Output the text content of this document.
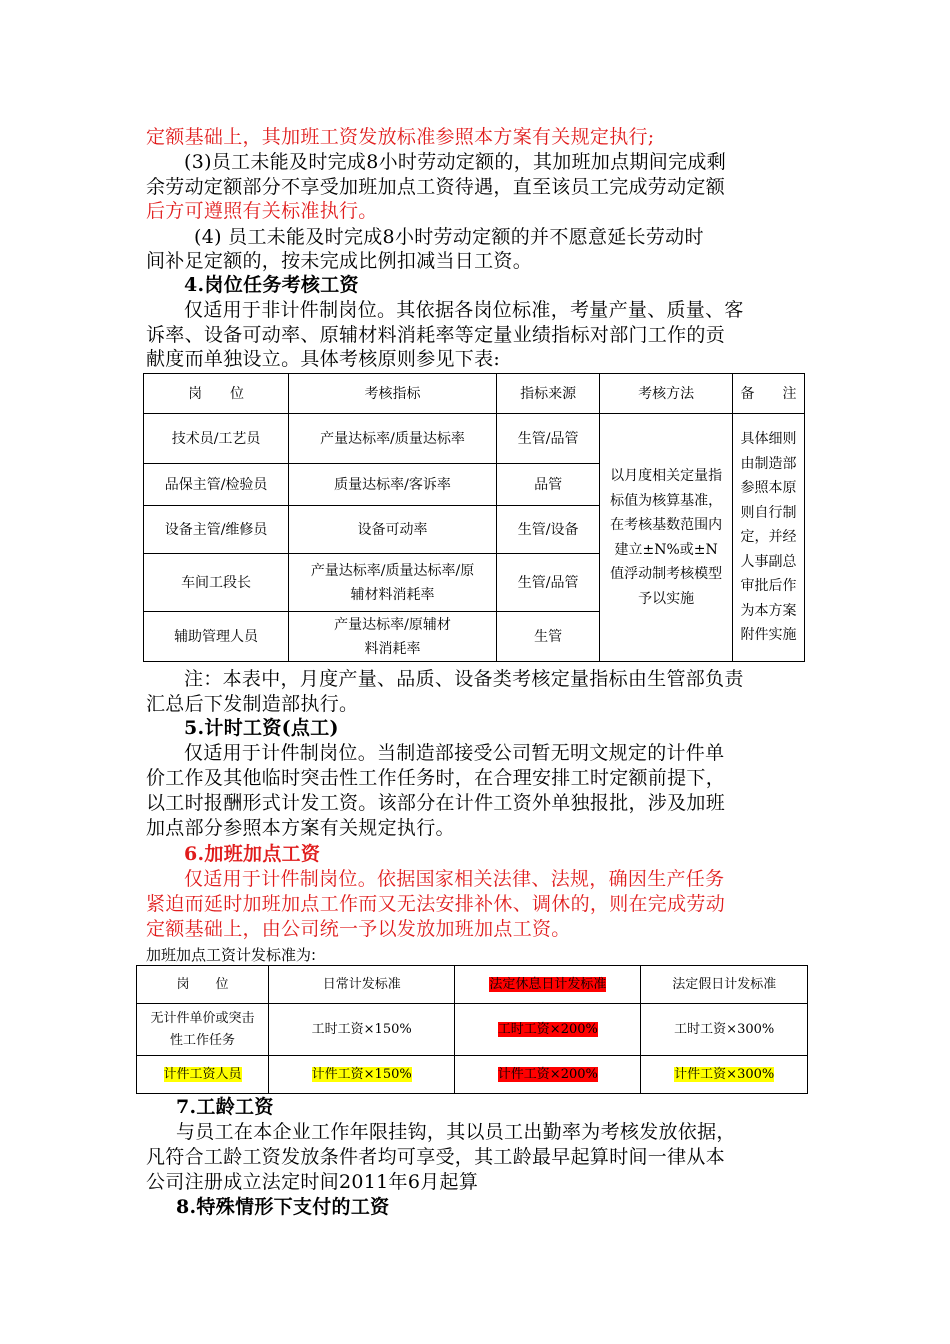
定额基础上，其加班工资发放标准参照本方案有关规定执行;
(3)员工未能及时完成8小时劳动定额的，其加班加点期间完成剩
余劳动定额部分不享受加班加点工资待遇，直至该员工完成劳动定额
后方可遵照有关标准执行。
(4) 员工未能及时完成8小时劳动定额的并不愿意延长劳动时
间补足定额的，按未完成比例扣减当日工资。
4.岗位任务考核工资
仅适用于非计件制岗位。其依据各岗位标准，考量产量、质量、客
诉率、设备可动率、原辅材料消耗率等定量业绩指标对部门工作的贡
献度而单独设立。具体考核原则参见下表:
岗　　位	考核指标	指标来源	考核方法	备　　注
技术员/工艺员	产量达标率/质量达标率	生管/品管	以月度相关定量指标值为核算基准，在考核基数范围内建立±N%或±N值浮动制考核模型予以实施	具体细则由制造部参照本原则自行制定，并经人事副总审批后作为本方案附件实施
品保主管/检验员	质量达标率/客诉率	品管		
设备主管/维修员	设备可动率	生管/设备		
车间工段长	产量达标率/质量达标率/原辅材料消耗率	生管/品管		
辅助管理人员	产量达标率/原辅材料消耗率	生管		
注：本表中，月度产量、品质、设备类考核定量指标由生管部负责
汇总后下发制造部执行。
5.计时工资(点工)
仅适用于计件制岗位。当制造部接受公司暂无明文规定的计件单
价工作及其他临时突击性工作任务时，在合理安排工时定额前提下，
以工时报酬形式计发工资。该部分在计件工资外单独报批，涉及加班
加点部分参照本方案有关规定执行。
6.加班加点工资
仅适用于计件制岗位。依据国家相关法律、法规，确因生产任务
紧迫而延时加班加点工作而又无法安排补休、调休的，则在完成劳动
定额基础上，由公司统一予以发放加班加点工资。
加班加点工资计发标准为:
岗　　位	日常计发标准	法定休息日计发标准	法定假日计发标准
无计件单价或突击性工作任务	工时工资×150%	工时工资×200%	工时工资×300%
计件工资人员	计件工资×150%	计件工资×200%	计件工资×300%
7.工龄工资
与员工在本企业工作年限挂钩，其以员工出勤率为考核发放依据，
凡符合工龄工资发放条件者均可享受，其工龄最早起算时间一律从本
公司注册成立法定时间2011年6月起算
8.特殊情形下支付的工资
